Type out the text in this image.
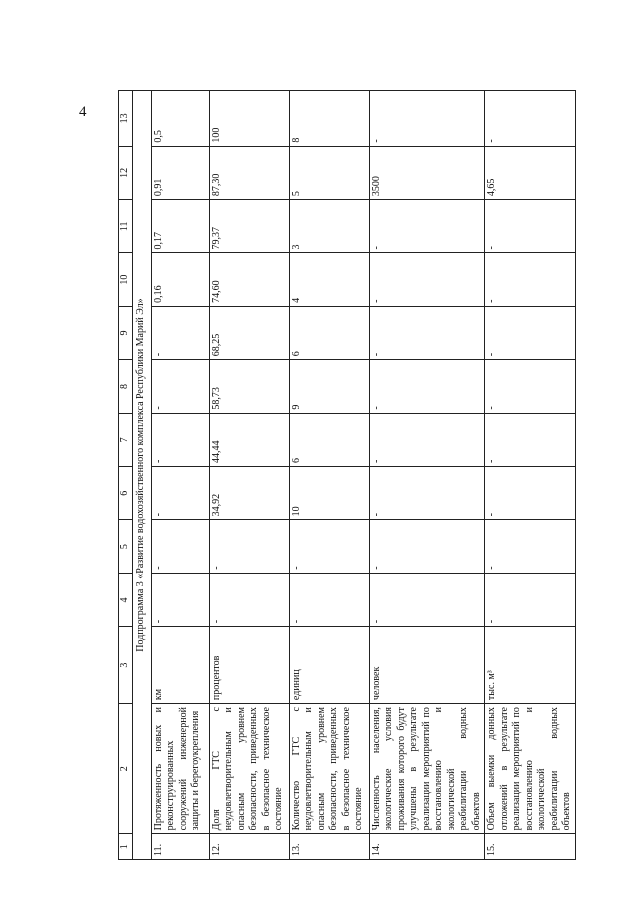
4
1	2	3	4	5	6	7	8	9	10	11	12	13
Подпрограмма 3 «Развитие водохозяйственного комплекса Республики Марий Эл»												
11.	Протяженность новых и реконструированных сооружений инженерной защиты и берегоукрепления	км	-	-	-	-	-	-	0,16	0,17	0,91	0,5
12.	Доля ГТС с неудовлетворительным и опасным уровнем безопасности, приведенных в безопасное техническое состояние	процентов	-	-	34,92	44,44	58,73	68,25	74,60	79,37	87,30	100
13.	Количество ГТС с неудовлетворительным и опасным уровнем безопасности, приведенных в безопасное техническое состояние	единиц	-	-	10	6	9	6	4	3	5	8
14.	Численность населения, экологические условия проживания которого будут улучшены в результате реализации мероприятий по восстановлению и экологической реабилитации водных объектов	человек	-	-	-	-	-	-	-	-	3500	-
15.	Объем выемки донных отложений в результате реализации мероприятий по восстановлению и экологической реабилитации водных объектов	тыс. м³	-	-	-	-	-	-	-	-	4,65	-
